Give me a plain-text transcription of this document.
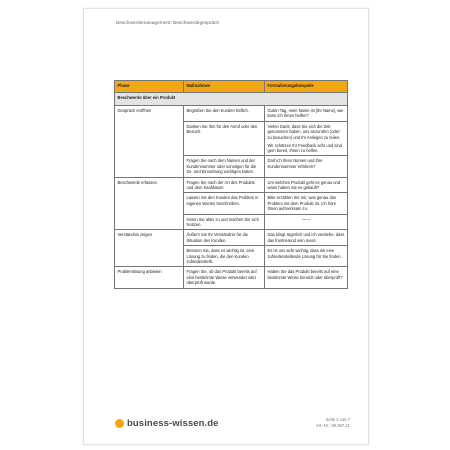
Beschwerdemanagement: Beschwerdegespräch
Phase	Maßnahmen	Formulierungsbeispiele
Beschwerde über ein Produkt		
Gespräch eröffnen	Begrüßen Sie den Kunden höflich.	Guten Tag, mein Name ist [Ihr Name], wie kann ich Ihnen helfen?
	Danken Sie ihm für den Anruf oder den Besuch.	Vielen Dank, dass Sie sich die Zeit genommen haben, uns anzurufen (oder: zu besuchen) und Ihr Anliegen zu teilen.
Wir schätzen Ihr Feedback sehr und sind gern bereit, Ihnen zu helfen.

	Fragen Sie nach dem Namen und der Kundennummer oder sonstigen für die Zu- und Einordnung wichtigen Daten.	Darf ich Ihren Namen und Ihre Kundennummer erfahren?
Beschwerde erfassen	Fragen Sie nach der Art des Produkts und dem Kaufdatum.	Um welches Produkt geht es genau und wann haben Sie es gekauft?
	Lassen Sie den Kunden das Problem in eigenen Worten beschreiben.	Bitte erzählen Sie mir, was genau das Problem mit dem Produkt ist. Ich höre Ihnen aufmerksam zu.
	Hören Sie aktiv zu und machen Sie sich Notizen.	——

Verständnis zeigen	Äußern Sie Ihr Verständnis für die Situation des Kunden.	Das klingt ärgerlich und ich verstehe, dass das frustrierend sein muss.
	Betonen Sie, dass es wichtig ist, eine Lösung zu finden, die den Kunden zufriedenstellt.	Es ist uns sehr wichtig, dass wir eine zufriedenstellende Lösung für Sie finden.
Problemlösung anbieten	Fragen Sie, ob das Produkt bereits auf eine bestimmte Weise verwendet oder überprüft wurde.	Haben Sie das Produkt bereits auf eine bestimmte Weise benutzt oder überprüft?
business-wissen.de	Seite 2 von 7
Art.-Nr.: 99.097.21
